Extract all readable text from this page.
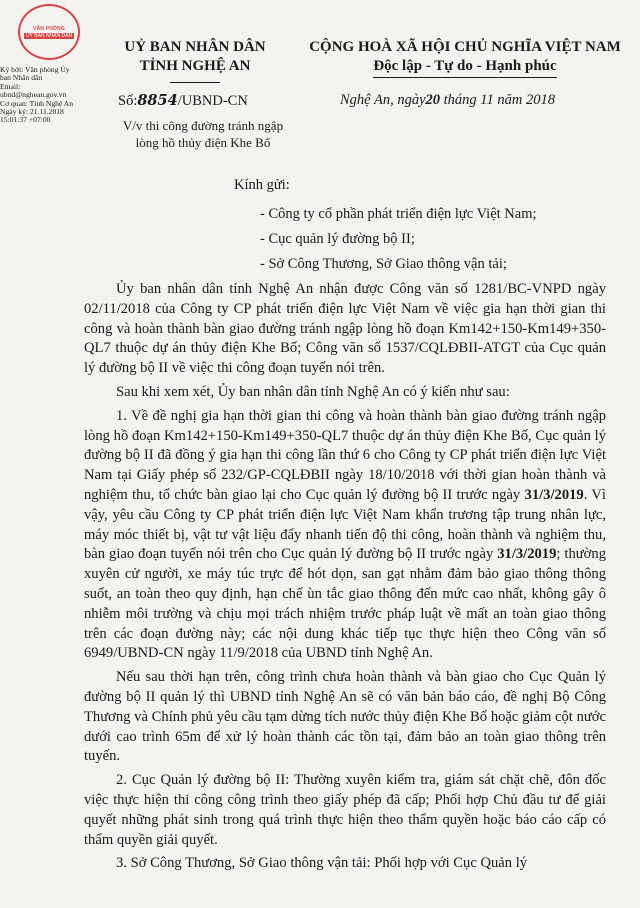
VĂN PHÒNG
UỶ BAN NHÂN DÂN
Ký bởi: Văn phòng Ủy
ban Nhân dân
Email:
ubnd@nghean.gov.vn
Cơ quan: Tỉnh Nghệ An
Ngày ký: 21.11.2018
15:01:37 +07:00
UỶ BAN NHÂN DÂN
TỈNH NGHỆ AN
CỘNG HOÀ XÃ HỘI CHỦ NGHĨA VIỆT NAM
Độc lập - Tự do - Hạnh phúc
Số:8854/UBND-CN	Nghệ An, ngày20 tháng 11 năm 2018
V/v thi công đường tránh ngập
lòng hồ thủy điện Khe Bố
Kính gửi:
- Công ty cổ phần phát triển điện lực Việt Nam;
- Cục quản lý đường bộ II;
- Sở Công Thương, Sở Giao thông vận tải;

Ủy ban nhân dân tỉnh Nghệ An nhận được Công văn số 1281/BC-VNPD ngày 02/11/2018 của Công ty CP phát triển điện lực Việt Nam về việc gia hạn thời gian thi công và hoàn thành bàn giao đường tránh ngập lòng hồ đoạn Km142+150-Km149+350-QL7 thuộc dự án thủy điện Khe Bố; Công văn số 1537/CQLĐBII-ATGT của Cục quản lý đường bộ II về việc thi công đoạn tuyến nói trên.

Sau khi xem xét, Ủy ban nhân dân tỉnh Nghệ An có ý kiến như sau:

1. Về đề nghị gia hạn thời gian thi công và hoàn thành bàn giao đường tránh ngập lòng hồ đoạn Km142+150-Km149+350-QL7 thuộc dự án thủy điện Khe Bố, Cục quản lý đường bộ II đã đồng ý gia hạn thi công lần thứ 6 cho Công ty CP phát triển điện lực Việt Nam tại Giấy phép số 232/GP-CQLĐBII ngày 18/10/2018 với thời gian hoàn thành và nghiệm thu, tổ chức bàn giao lại cho Cục quản lý đường bộ II trước ngày 31/3/2019. Vì vậy, yêu cầu Công ty CP phát triển điện lực Việt Nam khẩn trương tập trung nhân lực, máy móc thiết bị, vật tư vật liệu đẩy nhanh tiến độ thi công, hoàn thành và nghiệm thu, bàn giao đoạn tuyến nói trên cho Cục quản lý đường bộ II trước ngày 31/3/2019; thường xuyên cử người, xe máy túc trực để hót dọn, san gạt nhằm đảm bảo giao thông thông suốt, an toàn theo quy định, hạn chế ùn tắc giao thông đến mức cao nhất, không gây ô nhiễm môi trường và chịu mọi trách nhiệm trước pháp luật về mất an toàn giao thông trên các đoạn đường này; các nội dung khác tiếp tục thực hiện theo Công văn số 6949/UBND-CN ngày 11/9/2018 của UBND tỉnh Nghệ An.

Nếu sau thời hạn trên, công trình chưa hoàn thành và bàn giao cho Cục Quản lý đường bộ II quản lý thì UBND tỉnh Nghệ An sẽ có văn bản báo cáo, đề nghị Bộ Công Thương và Chính phủ yêu cầu tạm dừng tích nước thủy điện Khe Bố hoặc giảm cột nước dưới cao trình 65m để xử lý hoàn thành các tồn tại, đảm bảo an toàn giao thông trên tuyến.

2. Cục Quản lý đường bộ II: Thường xuyên kiểm tra, giám sát chặt chẽ, đôn đốc việc thực hiện thi công công trình theo giấy phép đã cấp; Phối hợp Chủ đầu tư để giải quyết những phát sinh trong quá trình thực hiện theo thẩm quyền hoặc báo cáo cấp có thẩm quyền giải quyết.

3. Sở Công Thương, Sở Giao thông vận tải: Phối hợp với Cục Quản lý
